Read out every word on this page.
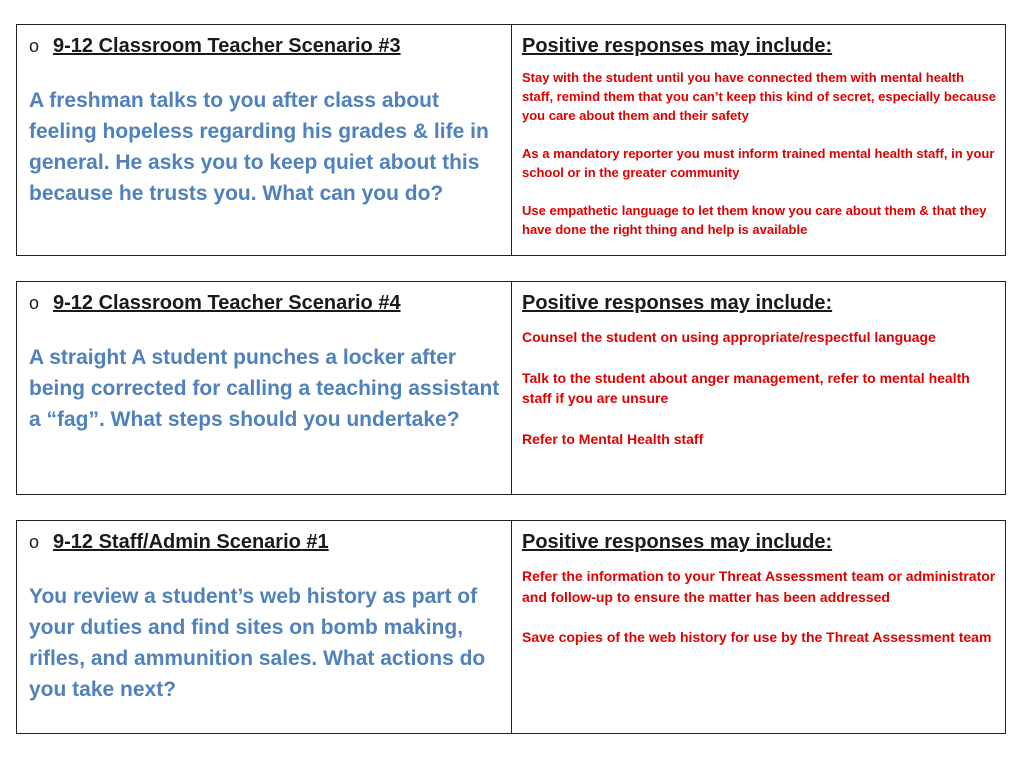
o 9-12 Classroom Teacher Scenario #3
A freshman talks to you after class about feeling hopeless regarding his grades & life in general. He asks you to keep quiet about this because he trusts you. What can you do?
Positive responses may include:
Stay with the student until you have connected them with mental health staff, remind them that you can’t keep this kind of secret, especially because you care about them and their safety
As a mandatory reporter you must inform trained mental health staff, in your school or in the greater community
Use empathetic language to let them know you care about them & that they have done the right thing and help is available
o 9-12 Classroom Teacher Scenario #4
A straight A student punches a locker after being corrected for calling a teaching assistant a “fag”. What steps should you undertake?
Positive responses may include:
Counsel the student on using appropriate/respectful language
Talk to the student about anger management, refer to mental health staff if you are unsure
Refer to Mental Health staff
o 9-12 Staff/Admin Scenario #1
You review a student’s web history as part of your duties and find sites on bomb making, rifles, and ammunition sales. What actions do you take next?
Positive responses may include:
Refer the information to your Threat Assessment team or administrator and follow-up to ensure the matter has been addressed
Save copies of the web history for use by the Threat Assessment team
